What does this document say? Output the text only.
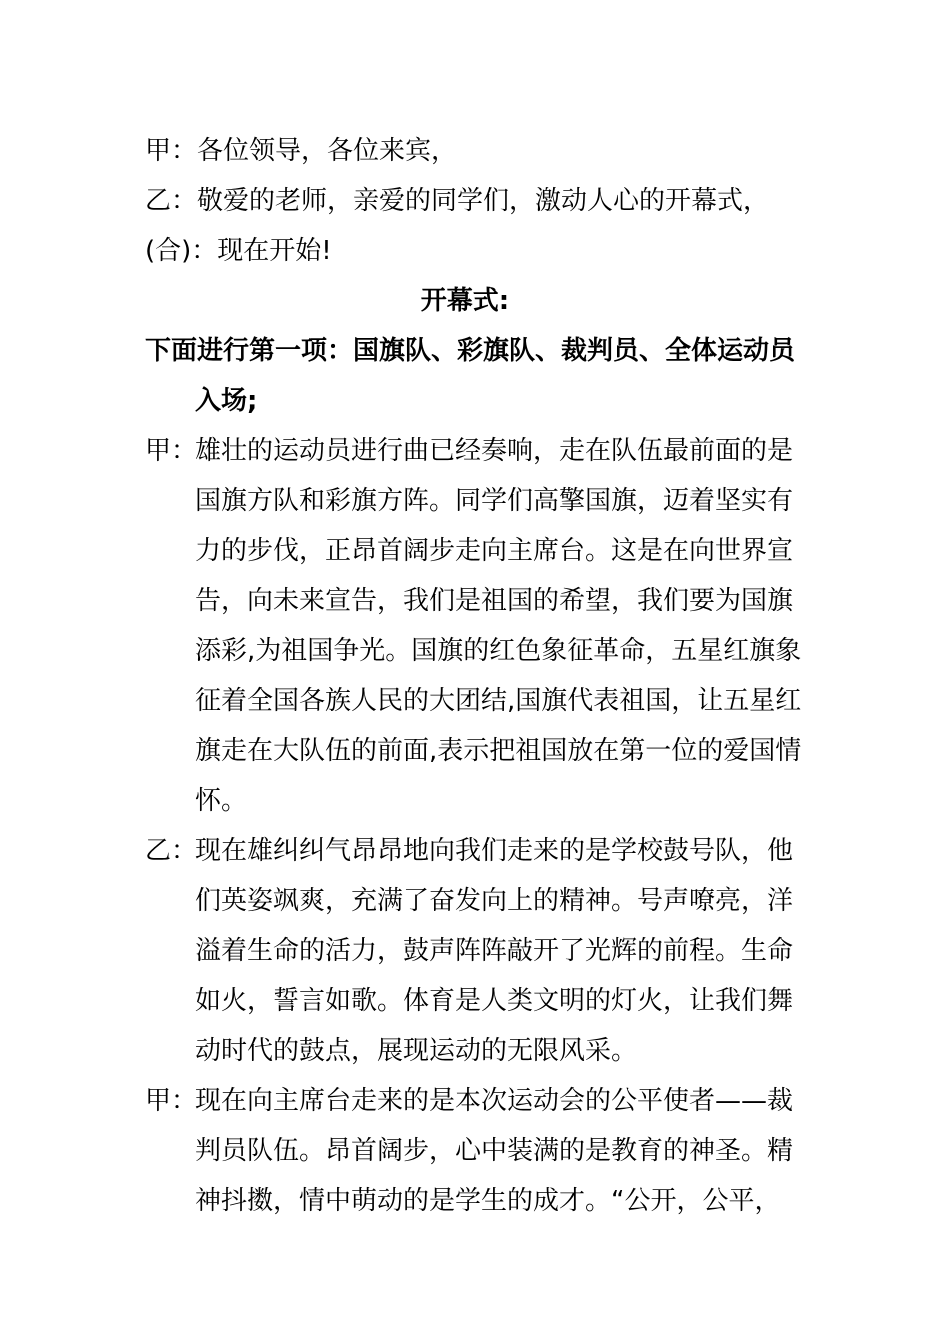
甲：各位领导，各位来宾，
乙：敬爱的老师，亲爱的同学们，激动人心的开幕式，
(合)：现在开始!
开幕式:
下面进行第一项：国旗队、彩旗队、裁判员、全体运动员
入场;
甲：
雄壮的运动员进行曲已经奏响，走在队伍最前面的是
国旗方队和彩旗方阵。同学们高擎国旗，迈着坚实有
力的步伐，正昂首阔步走向主席台。这是在向世界宣
告，向未来宣告，我们是祖国的希望，我们要为国旗
添彩,为祖国争光。国旗的红色象征革命，五星红旗象
征着全国各族人民的大团结,国旗代表祖国，让五星红
旗走在大队伍的前面,表示把祖国放在第一位的爱国情
怀。
乙：
现在雄纠纠气昂昂地向我们走来的是学校鼓号队，他
们英姿飒爽，充满了奋发向上的精神。号声嘹亮，洋
溢着生命的活力，鼓声阵阵敲开了光辉的前程。生命
如火，誓言如歌。体育是人类文明的灯火，让我们舞
动时代的鼓点，展现运动的无限风采。
甲：
现在向主席台走来的是本次运动会的公平使者——裁
判员队伍。昂首阔步，心中装满的是教育的神圣。精
神抖擞，情中萌动的是学生的成才。“公开，公平，
